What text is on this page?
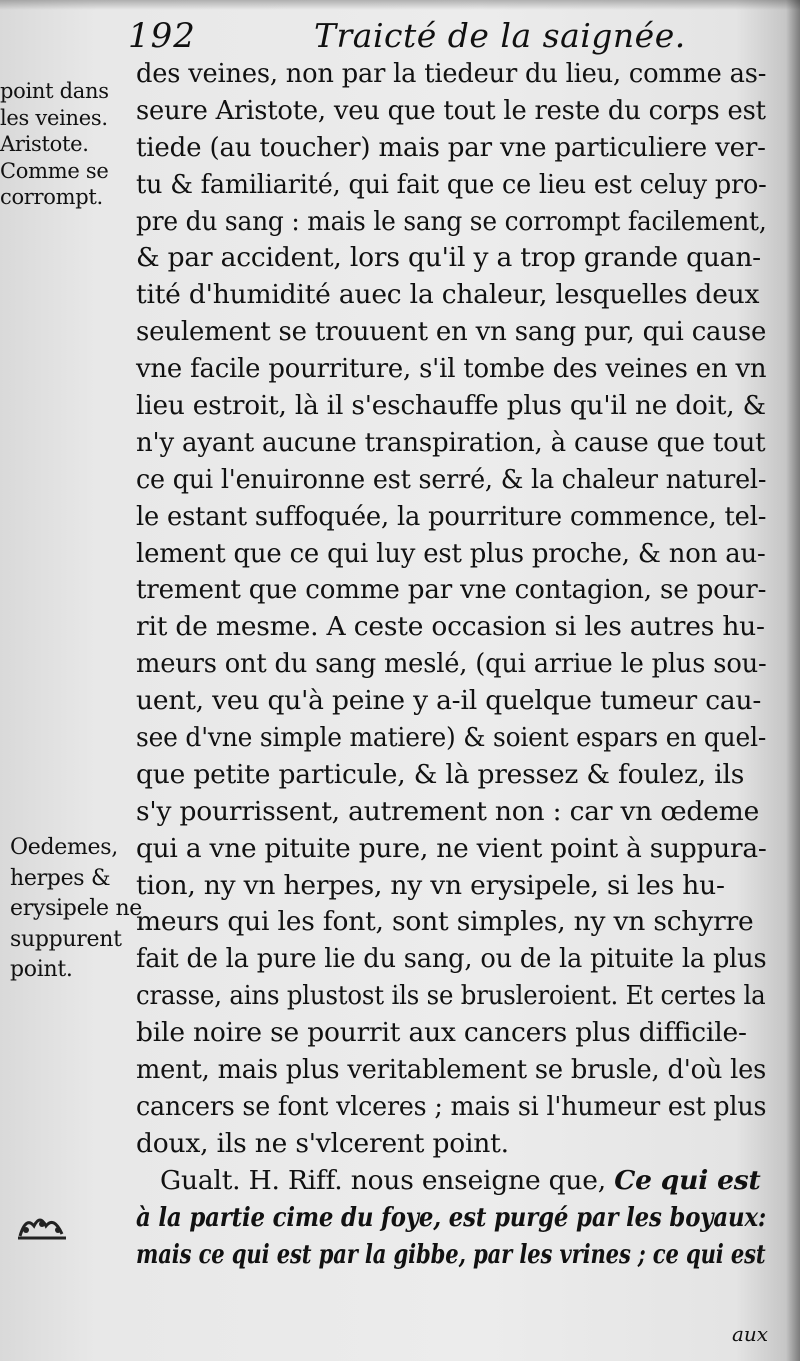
192	Traicté de la saignée.
point dans
les veines.
Aristote.
Comme se
corrompt.
Oedemes,
herpes &
erysipele ne
suppurent
point.
des veines, non par la tiedeur du lieu, comme as-
seure Aristote, veu que tout le reste du corps est
tiede (au toucher) mais par vne particuliere ver-
tu & familiarité, qui fait que ce lieu est celuy pro-
pre du sang : mais le sang se corrompt facilement,
& par accident, lors qu'il y a trop grande quan-
tité d'humidité auec la chaleur, lesquelles deux
seulement se trouuent en vn sang pur, qui cause
vne facile pourriture, s'il tombe des veines en vn
lieu estroit, là il s'eschauffe plus qu'il ne doit, &
n'y ayant aucune transpiration, à cause que tout
ce qui l'enuironne est serré, & la chaleur naturel-
le estant suffoquée, la pourriture commence, tel-
lement que ce qui luy est plus proche, & non au-
trement que comme par vne contagion, se pour-
rit de mesme. A ceste occasion si les autres hu-
meurs ont du sang meslé, (qui arriue le plus sou-
uent, veu qu'à peine y a-il quelque tumeur cau-
see d'vne simple matiere) & soient espars en quel-
que petite particule, & là pressez & foulez, ils
s'y pourrissent, autrement non : car vn œdeme
qui a vne pituite pure, ne vient point à suppura-
tion, ny vn herpes, ny vn erysipele, si les hu-
meurs qui les font, sont simples, ny vn schyrre
fait de la pure lie du sang, ou de la pituite la plus
crasse, ains plustost ils se brusleroient. Et certes la
bile noire se pourrit aux cancers plus difficile-
ment, mais plus veritablement se brusle, d'où les
cancers se font vlceres ; mais si l'humeur est plus
doux, ils ne s'vlcerent point.
Gualt. H. Riff. nous enseigne que, Ce qui est
à la partie cime du foye, est purgé par les boyaux:
mais ce qui est par la gibbe, par les vrines ; ce qui est
aux
